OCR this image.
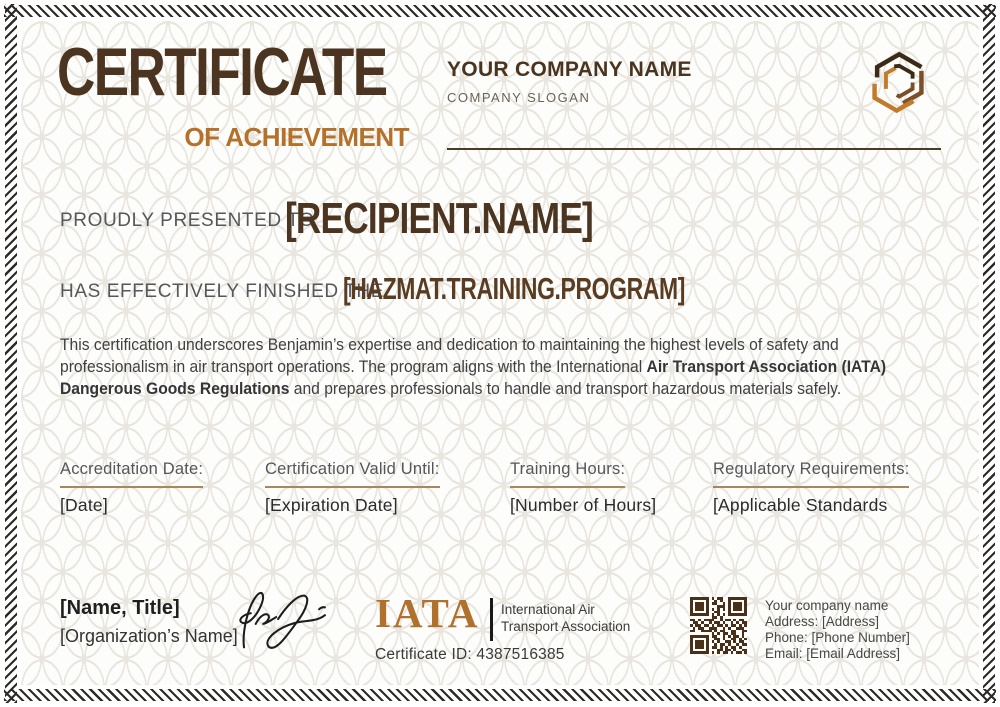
CERTIFICATE
OF ACHIEVEMENT
YOUR COMPANY NAME
COMPANY SLOGAN
PROUDLY PRESENTED TO
[RECIPIENT.NAME]
HAS EFFECTIVELY FINISHED THE
[HAZMAT.TRAINING.PROGRAM]
This certification underscores Benjamin’s expertise and dedication to maintaining the highest levels of safety and professionalism in air transport operations. The program aligns with the International Air Transport Association (IATA) Dangerous Goods Regulations and prepares professionals to handle and transport hazardous materials safely.
Accreditation Date:
[Date]
Certification Valid Until:
[Expiration Date]
Training Hours:
[Number of Hours]
Regulatory Requirements:
[Applicable Standards
[Name, Title]
[Organization’s Name]	IATA International Air
Transport Association
Certificate ID: 4387516385
Your company name
Address: [Address]
Phone: [Phone Number]
Email: [Email Address]
